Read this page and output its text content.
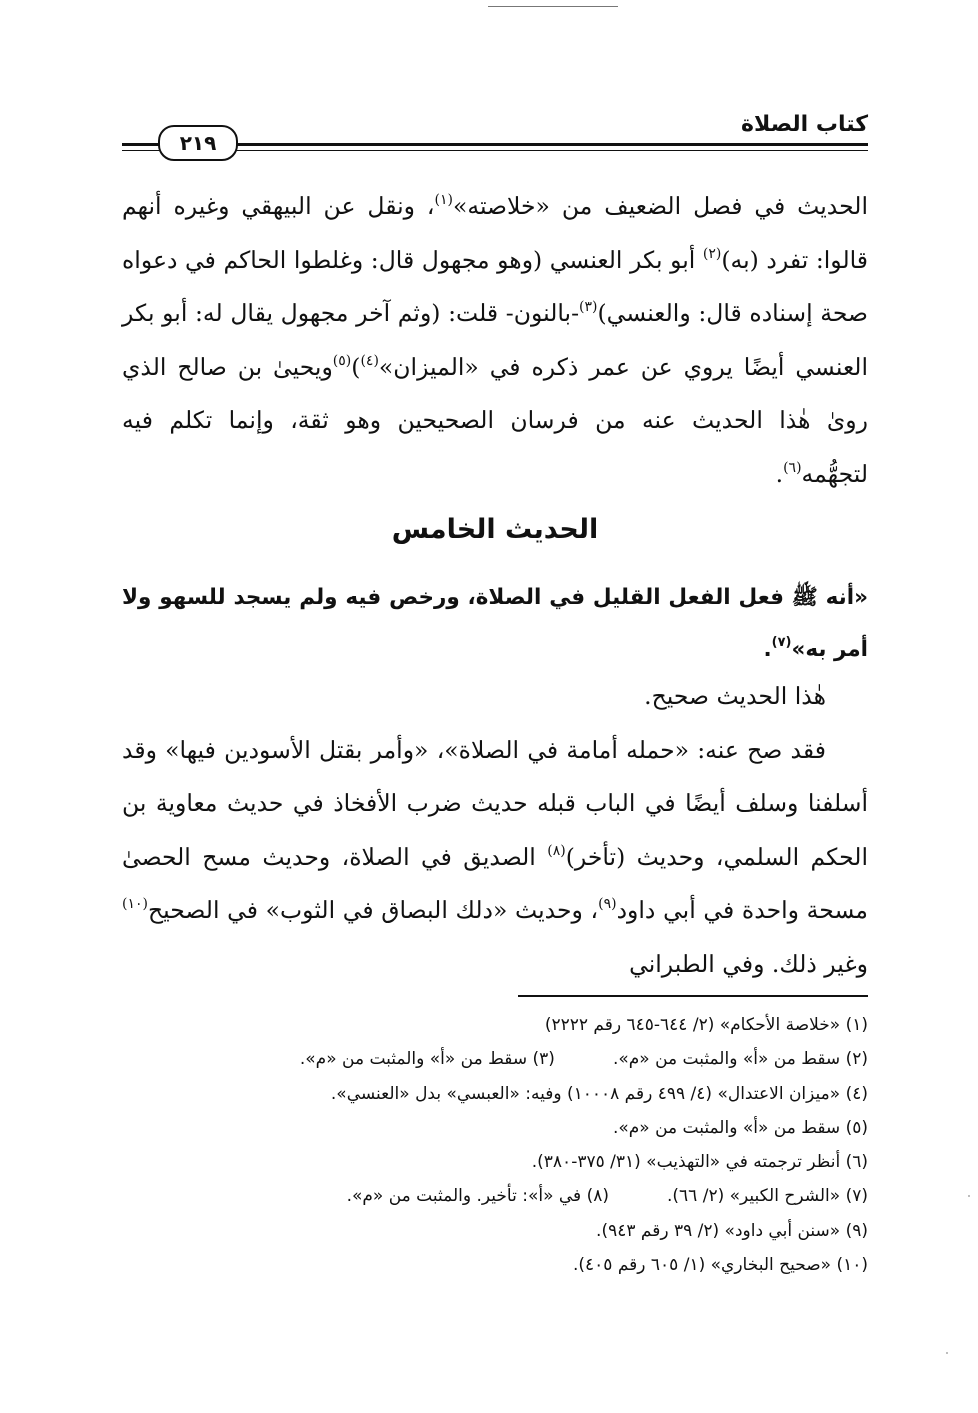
كتاب الصلاة
٢١٩

الحديث في فصل الضعيف من «خلاصته»$^{(١)}$، ونقل عن البيهقي وغيره أنهم قالوا: تفرد (به)$^{(٢)}$ أبو بكر العنسي (وهو مجهول قال: وغلطوا الحاكم في دعواه صحة إسناده قال: والعنسي)$^{(٣)}$-بالنون- قلت: (وثم آخر مجهول يقال له: أبو بكر العنسي أيضًا يروي عن عمر ذكره في «الميزان»$^{(٤)}$)$^{(٥)}$ويحيىٰ بن صالح الذي روىٰ هٰذا الحديث عنه من فرسان الصحيحين وهو ثقة، وإنما تكلم فيه لتجهُّمه$^{(٦)}$.

الحديث الخامس

«أنه ﷺ فعل الفعل القليل في الصلاة، ورخص فيه ولم يسجد للسهو ولا أمر به»$^{(٧)}$.

هٰذا الحديث صحيح.

فقد صح عنه: «حمله أمامة في الصلاة»، «وأمر بقتل الأسودين فيها» وقد أسلفنا وسلف أيضًا في الباب قبله حديث ضرب الأفخاذ في حديث معاوية بن الحكم السلمي، وحديث (تأخر)$^{(٨)}$ الصديق في الصلاة، وحديث مسح الحصىٰ مسحة واحدة في أبي داود$^{(٩)}$، وحديث «دلك البصاق في الثوب» في الصحيح$^{(١٠)}$ وغير ذلك. وفي الطبراني

(١) «خلاصة الأحكام» (٢/ ٦٤٤-٦٤٥ رقم ٢٢٢٢)
(٢) سقط من «أ» والمثبت من «م».
(٣) سقط من «أ» والمثبت من «م».
(٤) «ميزان الاعتدال» (٤/ ٤٩٩ رقم ١٠٠٠٨) وفيه: «العبسي» بدل «العنسي».
(٥) سقط من «أ» والمثبت من «م».
(٦) أنظر ترجمته في «التهذيب» (٣١/ ٣٧٥-٣٨٠).
(٧) «الشرح الكبير» (٢/ ٦٦).
(٨) في «أ»: تأخير. والمثبت من «م».
(٩) «سنن أبي داود» (٢/ ٣٩ رقم ٩٤٣).
(١٠) «صحيح البخاري» (١/ ٦٠٥ رقم ٤٠٥).
